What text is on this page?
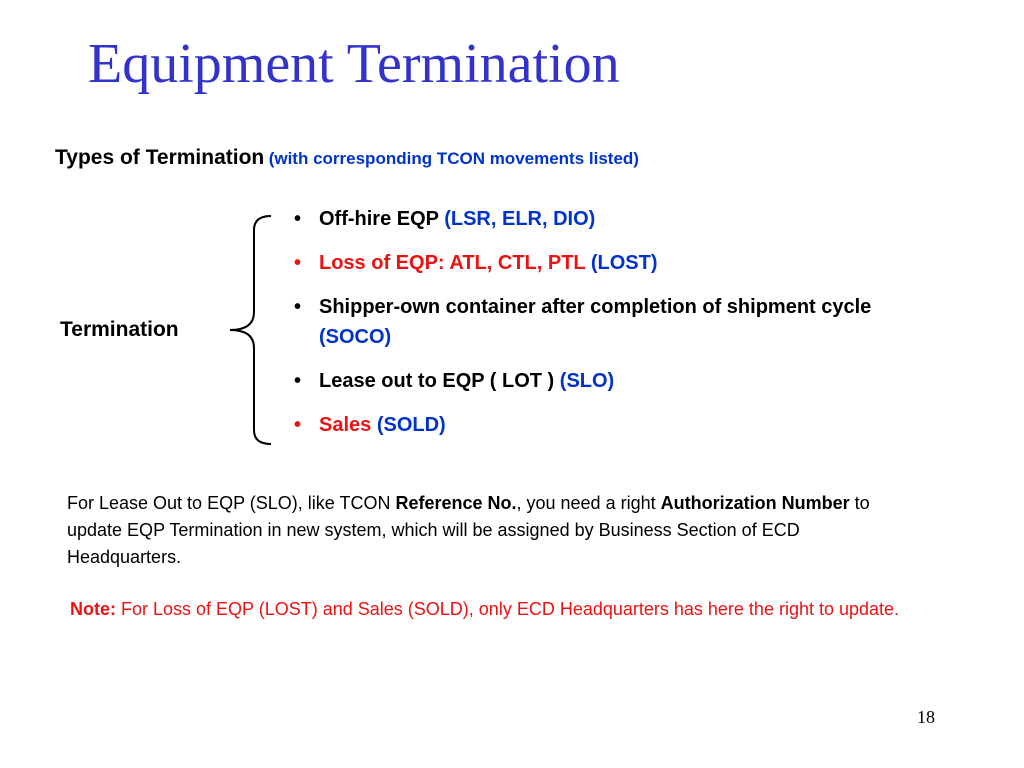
Equipment Termination
Types of Termination (with corresponding TCON movements listed)
Termination
• Off-hire EQP (LSR, ELR, DIO)
• Loss of EQP: ATL, CTL, PTL (LOST)
• Shipper-own container after completion of shipment cycle (SOCO)
• Lease out to EQP ( LOT ) (SLO)
• Sales (SOLD)
For Lease Out to EQP (SLO), like TCON Reference No., you need a right Authorization Number to update EQP Termination in new system, which will be assigned by Business Section of ECD Headquarters.
Note: For Loss of EQP (LOST) and Sales (SOLD), only ECD Headquarters has here the right to update.
18
